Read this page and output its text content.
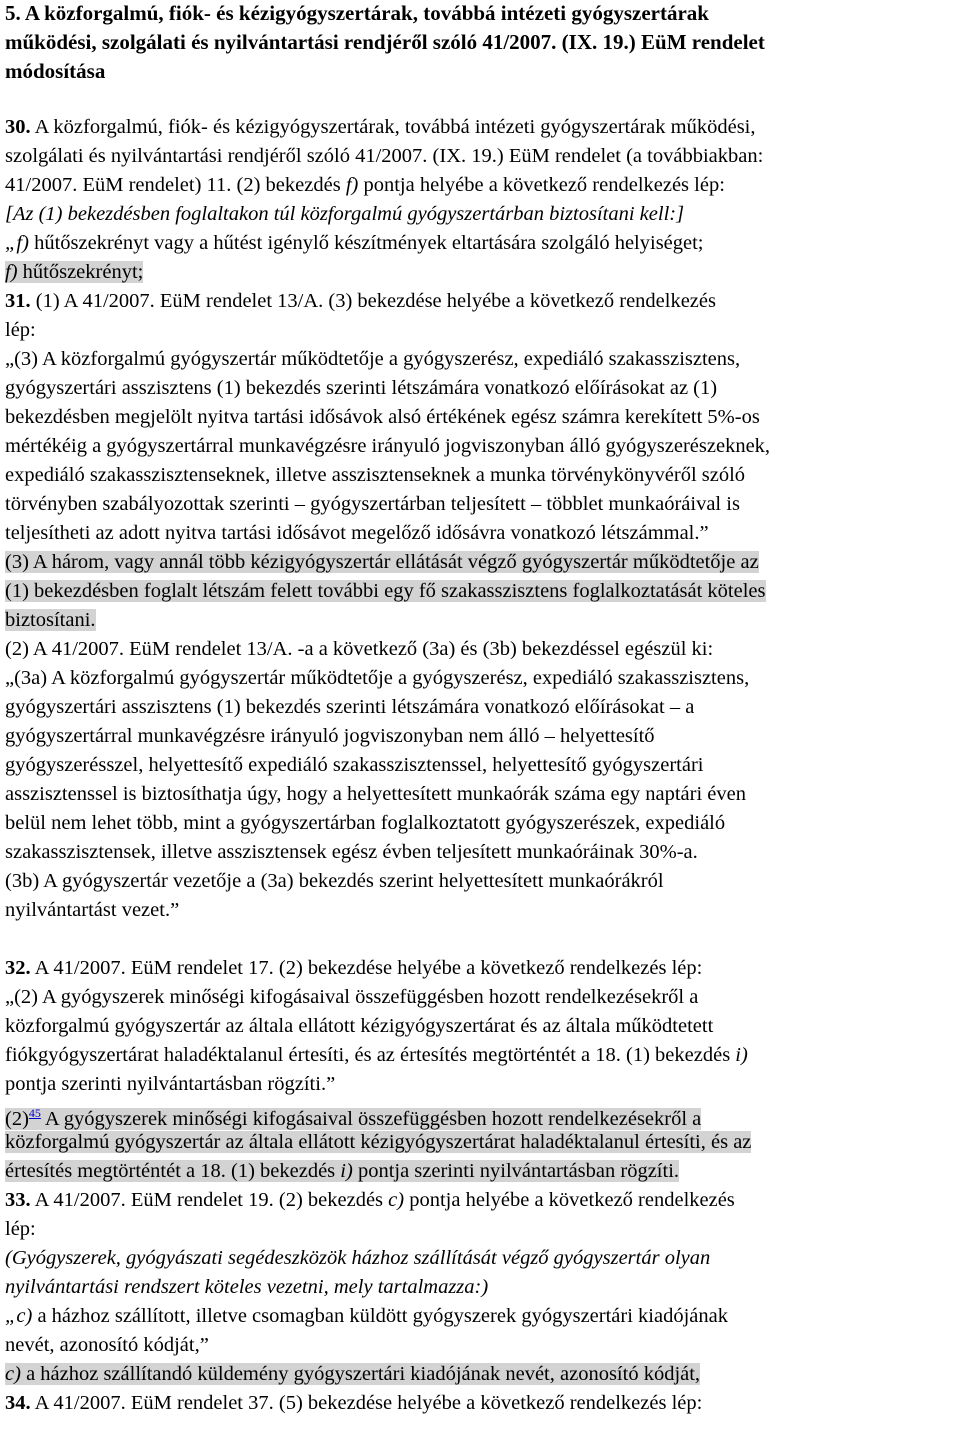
5. A közforgalmú, fiók- és kézigyógyszertárak, továbbá intézeti gyógyszertárak

működési, szolgálati és nyilvántartási rendjéről szóló 41/2007. (IX. 19.) EüM rendelet

módosítása

30. A közforgalmú, fiók- és kézigyógyszertárak, továbbá intézeti gyógyszertárak működési,

szolgálati és nyilvántartási rendjéről szóló 41/2007. (IX. 19.) EüM rendelet (a továbbiakban:

41/2007. EüM rendelet) 11. (2) bekezdés f) pontja helyébe a következő rendelkezés lép:

[Az (1) bekezdésben foglaltakon túl közforgalmú gyógyszertárban biztosítani kell:]

„f) hűtőszekrényt vagy a hűtést igénylő készítmények eltartására szolgáló helyiséget;

f) hűtőszekrényt;

31. (1) A 41/2007. EüM rendelet 13/A. (3) bekezdése helyébe a következő rendelkezés

lép:

„(3) A közforgalmú gyógyszertár működtetője a gyógyszerész, expediáló szakasszisztens,

gyógyszertári asszisztens (1) bekezdés szerinti létszámára vonatkozó előírásokat az (1)

bekezdésben megjelölt nyitva tartási idősávok alsó értékének egész számra kerekített 5%-os

mértékéig a gyógyszertárral munkavégzésre irányuló jogviszonyban álló gyógyszerészeknek,

expediáló szakasszisztenseknek, illetve asszisztenseknek a munka törvénykönyvéről szóló

törvényben szabályozottak szerinti – gyógyszertárban teljesített – többlet munkaóráival is

teljesítheti az adott nyitva tartási idősávot megelőző idősávra vonatkozó létszámmal.”

(3) A három, vagy annál több kézigyógyszertár ellátását végző gyógyszertár működtetője az

(1) bekezdésben foglalt létszám felett további egy fő szakasszisztens foglalkoztatását köteles

biztosítani.

(2) A 41/2007. EüM rendelet 13/A. -a a következő (3a) és (3b) bekezdéssel egészül ki:

„(3a) A közforgalmú gyógyszertár működtetője a gyógyszerész, expediáló szakasszisztens,

gyógyszertári asszisztens (1) bekezdés szerinti létszámára vonatkozó előírásokat – a

gyógyszertárral munkavégzésre irányuló jogviszonyban nem álló – helyettesítő

gyógyszerésszel, helyettesítő expediáló szakasszisztenssel, helyettesítő gyógyszertári

asszisztenssel is biztosíthatja úgy, hogy a helyettesített munkaórák száma egy naptári éven

belül nem lehet több, mint a gyógyszertárban foglalkoztatott gyógyszerészek, expediáló

szakasszisztensek, illetve asszisztensek egész évben teljesített munkaóráinak 30%-a.

(3b) A gyógyszertár vezetője a (3a) bekezdés szerint helyettesített munkaórákról

nyilvántartást vezet.”

32. A 41/2007. EüM rendelet 17. (2) bekezdése helyébe a következő rendelkezés lép:

„(2) A gyógyszerek minőségi kifogásaival összefüggésben hozott rendelkezésekről a

közforgalmú gyógyszertár az általa ellátott kézigyógyszertárat és az általa működtetett

fiókgyógyszertárat haladéktalanul értesíti, és az értesítés megtörténtét a 18. (1) bekezdés i)

pontja szerinti nyilvántartásban rögzíti.”

$(2)^{45}$ A gyógyszerek minőségi kifogásaival összefüggésben hozott rendelkezésekről a

közforgalmú gyógyszertár az általa ellátott kézigyógyszertárat haladéktalanul értesíti, és az

értesítés megtörténtét a 18. (1) bekezdés i) pontja szerinti nyilvántartásban rögzíti.

33. A 41/2007. EüM rendelet 19. (2) bekezdés c) pontja helyébe a következő rendelkezés

lép:

(Gyógyszerek, gyógyászati segédeszközök házhoz szállítását végző gyógyszertár olyan

nyilvántartási rendszert köteles vezetni, mely tartalmazza:)

„c) a házhoz szállított, illetve csomagban küldött gyógyszerek gyógyszertári kiadójának

nevét, azonosító kódját,”

c) a házhoz szállítandó küldemény gyógyszertári kiadójának nevét, azonosító kódját,

34. A 41/2007. EüM rendelet 37. (5) bekezdése helyébe a következő rendelkezés lép:
